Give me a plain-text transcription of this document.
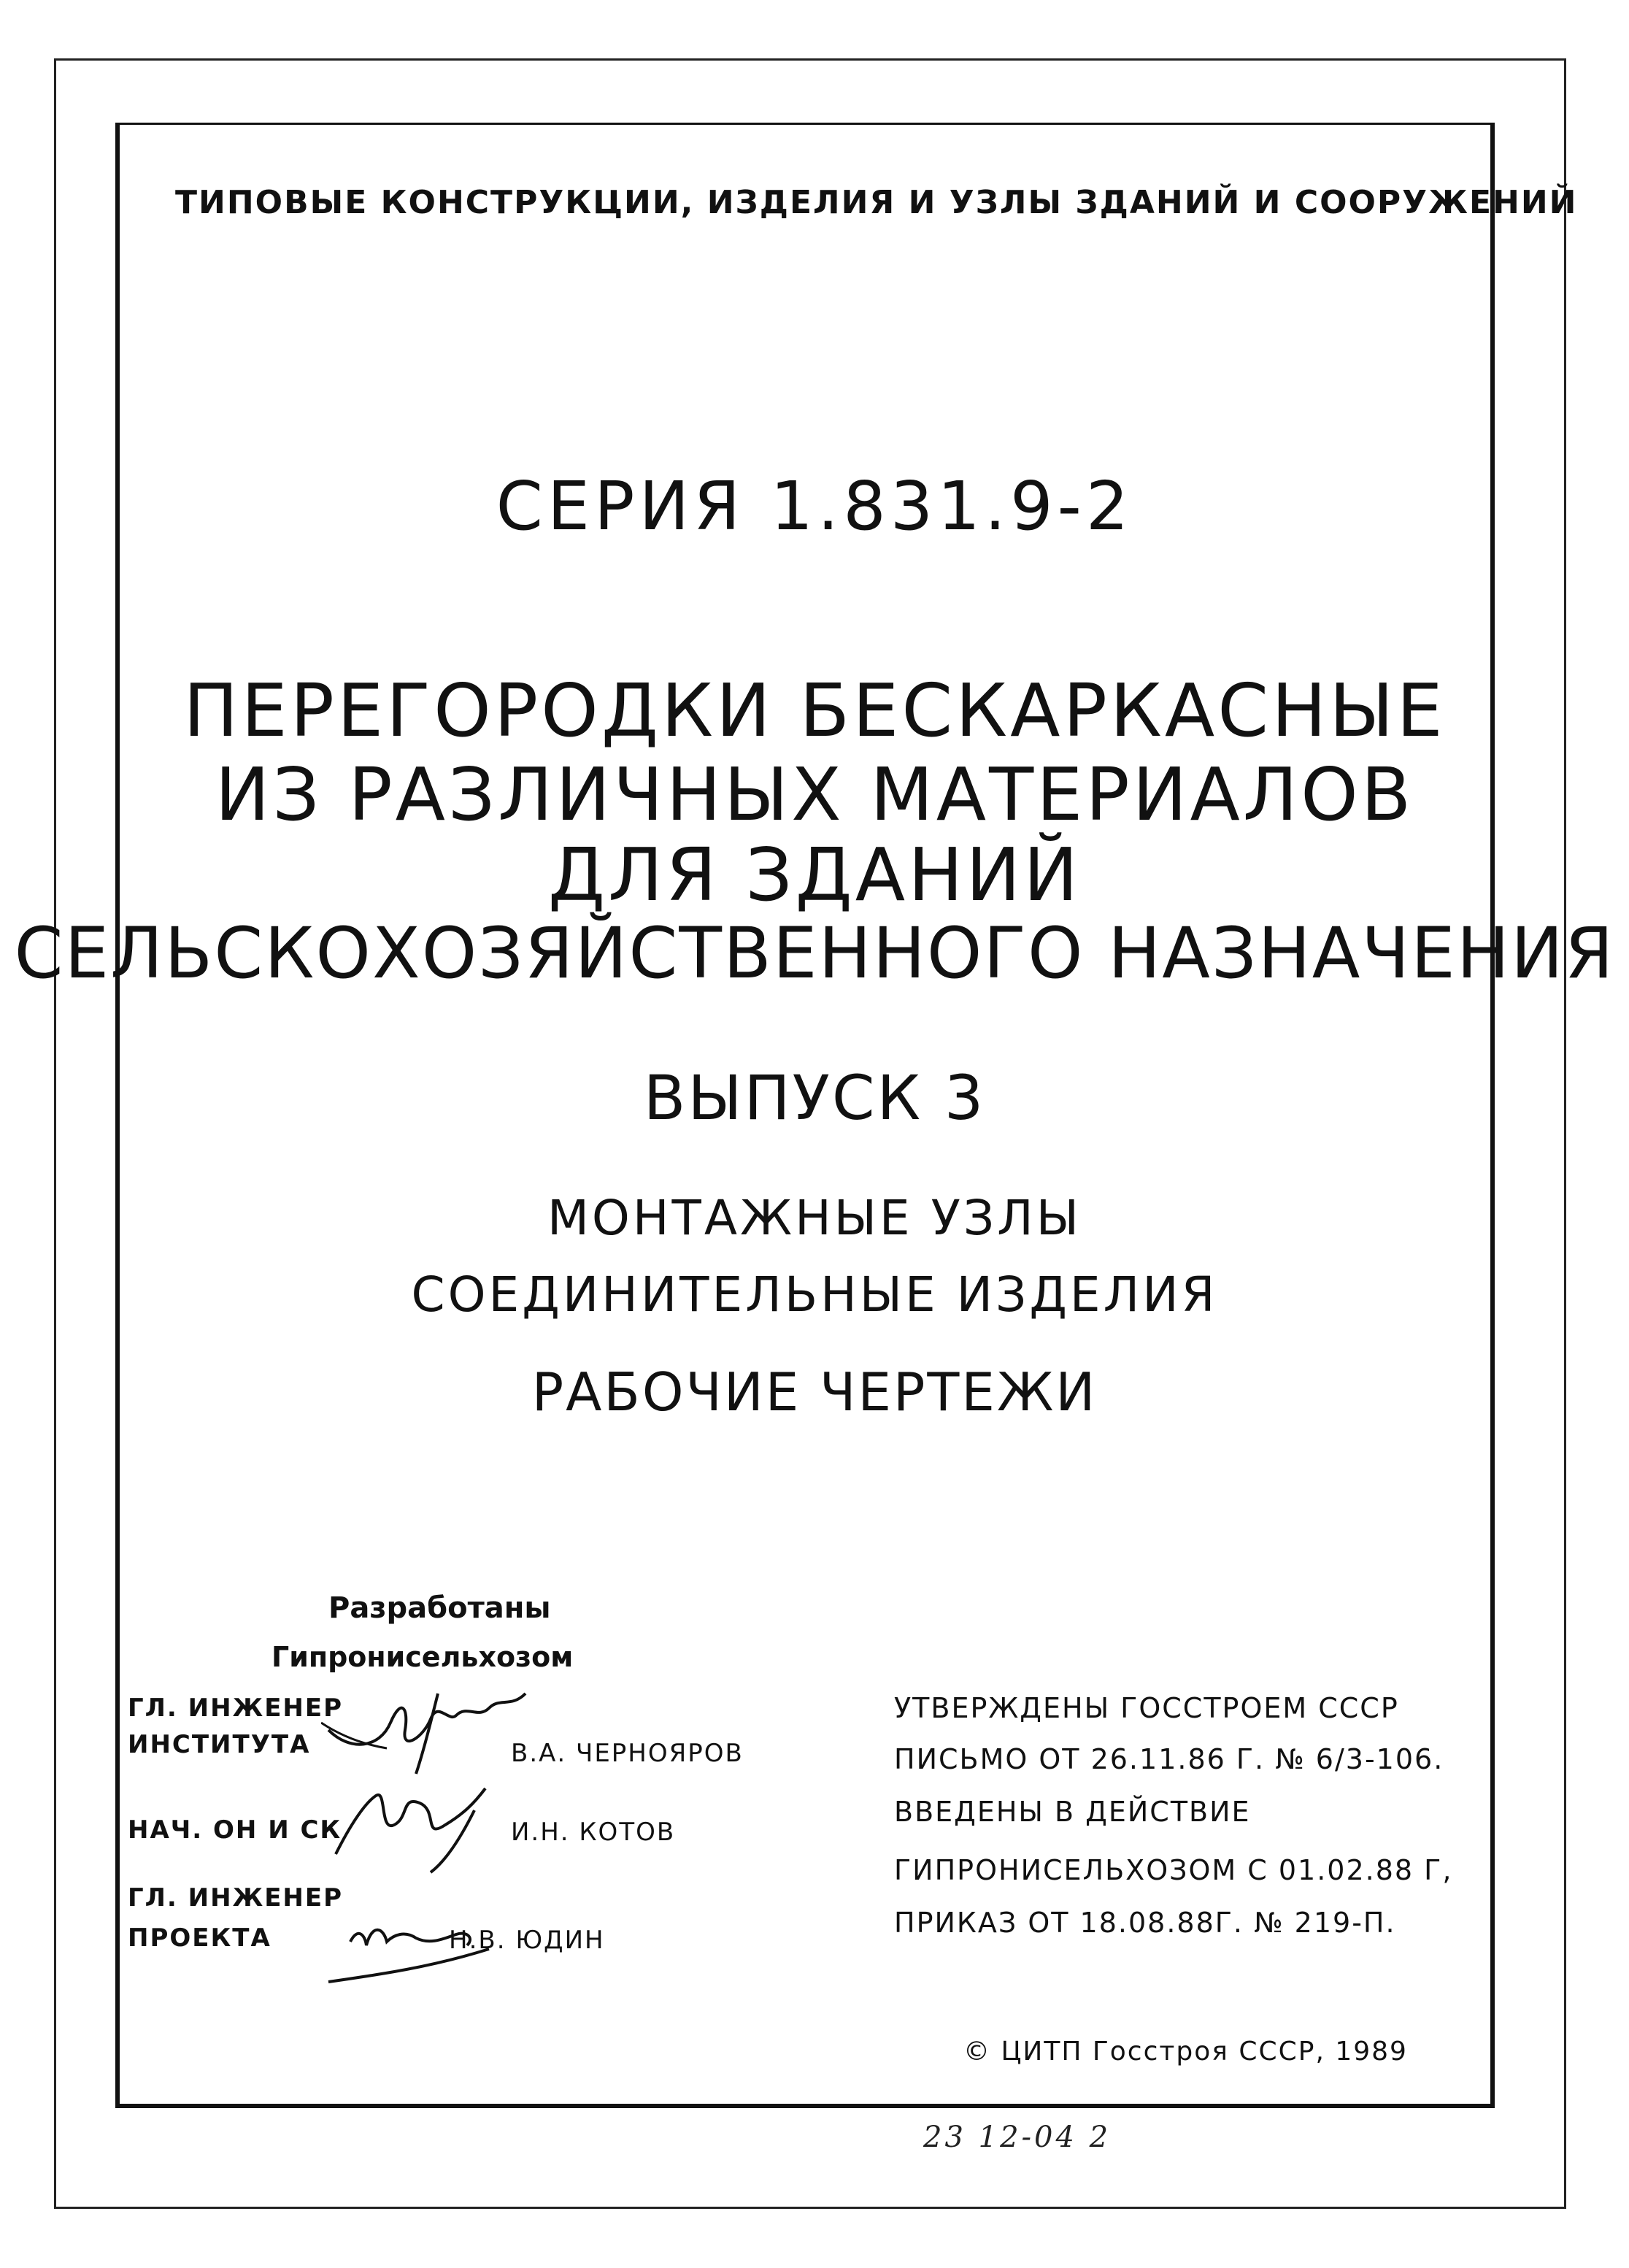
ТИПОВЫЕ КОНСТРУКЦИИ, ИЗДЕЛИЯ И УЗЛЫ ЗДАНИЙ И СООРУЖЕНИЙ
СЕРИЯ 1.831.9-2
ПЕРЕГОРОДКИ БЕСКАРКАСНЫЕ
ИЗ РАЗЛИЧНЫХ МАТЕРИАЛОВ
ДЛЯ ЗДАНИЙ
СЕЛЬСКОХОЗЯЙСТВЕННОГО НАЗНАЧЕНИЯ
ВЫПУСК 3
МОНТАЖНЫЕ УЗЛЫ
СОЕДИНИТЕЛЬНЫЕ ИЗДЕЛИЯ
РАБОЧИЕ ЧЕРТЕЖИ
Разработаны
Гипронисельхозом
ГЛ. ИНЖЕНЕР
ИНСТИТУТА	В.А. ЧЕРНОЯРОВ
НАЧ. ОН И СК	И.Н. КОТОВ
ГЛ. ИНЖЕНЕР
ПРОЕКТА	Н.В. ЮДИН
УТВЕРЖДЕНЫ ГОССТРОЕМ СССР
ПИСЬМО ОТ 26.11.86 Г. № 6/3-106.
ВВЕДЕНЫ В ДЕЙСТВИЕ
ГИПРОНИСЕЛЬХОЗОМ С 01.02.88 Г,
ПРИКАЗ ОТ 18.08.88Г. № 219-П.
© ЦИТП Госстроя СССР, 1989
23 12-04 2
